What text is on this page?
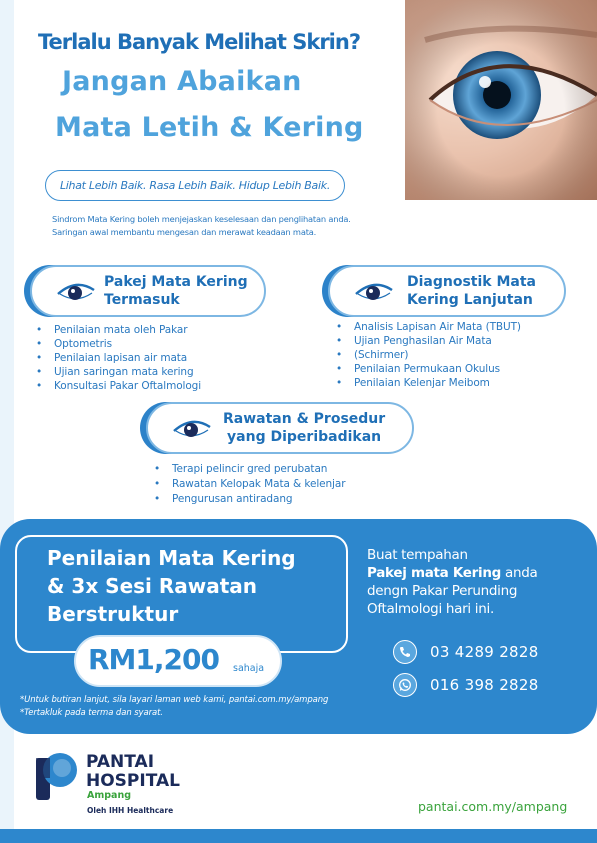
Terlalu Banyak Melihat Skrin?
Jangan Abaikan
Mata Letih & Kering
Lihat Lebih Baik. Rasa Lebih Baik. Hidup Lebih Baik.
Sindrom Mata Kering boleh menjejaskan keselesaan dan penglihatan anda.
Saringan awal membantu mengesan dan merawat keadaan mata.
Pakej Mata Kering
Termasuk
• Penilaian mata oleh Pakar
• Optometris
• Penilaian lapisan air mata
• Ujian saringan mata kering
• Konsultasi Pakar Oftalmologi
Diagnostik Mata
Kering Lanjutan
• Analisis Lapisan Air Mata (TBUT)
• Ujian Penghasilan Air Mata
• (Schirmer)
• Penilaian Permukaan Okulus
• Penilaian Kelenjar Meibom
Rawatan & Prosedur
yang Diperibadikan
• Terapi pelincir gred perubatan
• Rawatan Kelopak Mata & kelenjar
• Pengurusan antiradang
Penilaian Mata Kering
& 3x Sesi Rawatan
Berstruktur
RM1,200 sahaja
Buat tempahan
Pakej mata Kering anda
dengn Pakar Perunding
Oftalmologi hari ini.
03 4289 2828
016 398 2828
*Untuk butiran lanjut, sila layari laman web kami, pantai.com.my/ampang
*Tertakluk pada terma dan syarat.
PANTAI
HOSPITAL
Ampang
Oleh IHH Healthcare	pantai.com.my/ampang
